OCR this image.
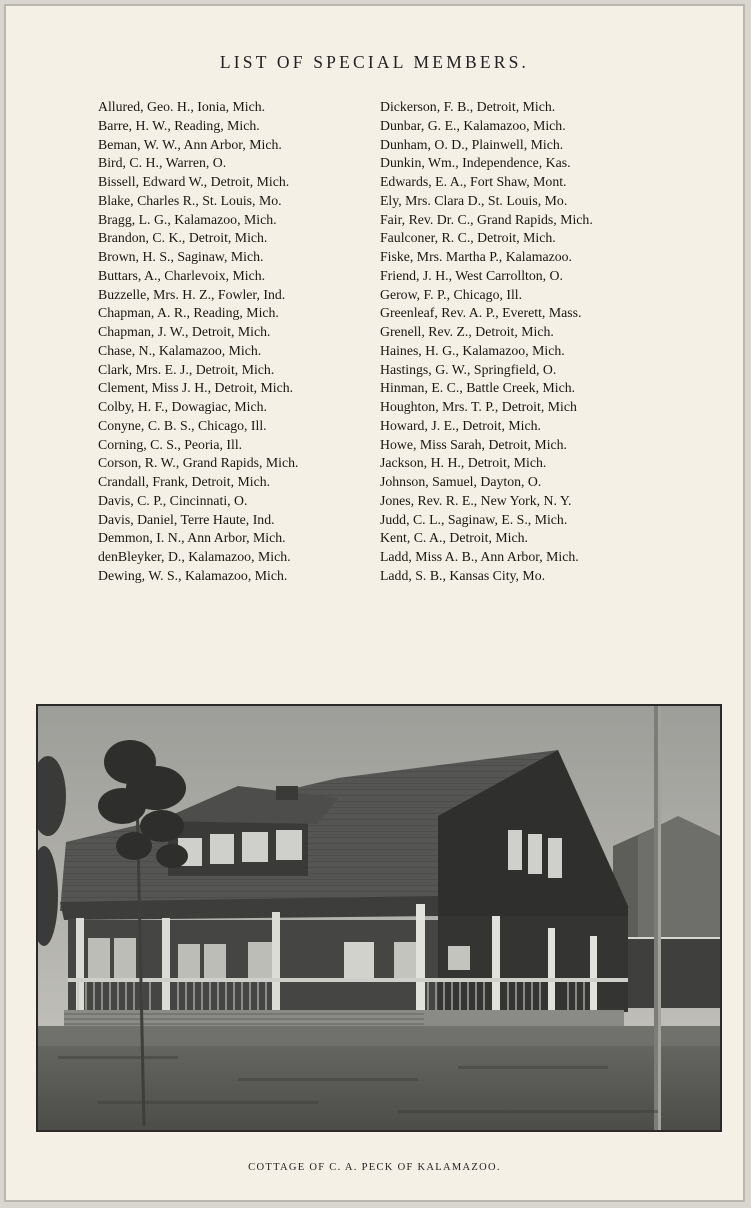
LIST OF SPECIAL MEMBERS.
Allured, Geo. H., Ionia, Mich.
Barre, H. W., Reading, Mich.
Beman, W. W., Ann Arbor, Mich.
Bird, C. H., Warren, O.
Bissell, Edward W., Detroit, Mich.
Blake, Charles R., St. Louis, Mo.
Bragg, L. G., Kalamazoo, Mich.
Brandon, C. K., Detroit, Mich.
Brown, H. S., Saginaw, Mich.
Buttars, A., Charlevoix, Mich.
Buzzelle, Mrs. H. Z., Fowler, Ind.
Chapman, A. R., Reading, Mich.
Chapman, J. W., Detroit, Mich.
Chase, N., Kalamazoo, Mich.
Clark, Mrs. E. J., Detroit, Mich.
Clement, Miss J. H., Detroit, Mich.
Colby, H. F., Dowagiac, Mich.
Conyne, C. B. S., Chicago, Ill.
Corning, C. S., Peoria, Ill.
Corson, R. W., Grand Rapids, Mich.
Crandall, Frank, Detroit, Mich.
Davis, C. P., Cincinnati, O.
Davis, Daniel, Terre Haute, Ind.
Demmon, I. N., Ann Arbor, Mich.
denBleyker, D., Kalamazoo, Mich.
Dewing, W. S., Kalamazoo, Mich.
Dickerson, F. B., Detroit, Mich.
Dunbar, G. E., Kalamazoo, Mich.
Dunham, O. D., Plainwell, Mich.
Dunkin, Wm., Independence, Kas.
Edwards, E. A., Fort Shaw, Mont.
Ely, Mrs. Clara D., St. Louis, Mo.
Fair, Rev. Dr. C., Grand Rapids, Mich.
Faulconer, R. C., Detroit, Mich.
Fiske, Mrs. Martha P., Kalamazoo.
Friend, J. H., West Carrollton, O.
Gerow, F. P., Chicago, Ill.
Greenleaf, Rev. A. P., Everett, Mass.
Grenell, Rev. Z., Detroit, Mich.
Haines, H. G., Kalamazoo, Mich.
Hastings, G. W., Springfield, O.
Hinman, E. C., Battle Creek, Mich.
Houghton, Mrs. T. P., Detroit, Mich
Howard, J. E., Detroit, Mich.
Howe, Miss Sarah, Detroit, Mich.
Jackson, H. H., Detroit, Mich.
Johnson, Samuel, Dayton, O.
Jones, Rev. R. E., New York, N. Y.
Judd, C. L., Saginaw, E. S., Mich.
Kent, C. A., Detroit, Mich.
Ladd, Miss A. B., Ann Arbor, Mich.
Ladd, S. B., Kansas City, Mo.
COTTAGE OF C. A. PECK OF KALAMAZOO.
